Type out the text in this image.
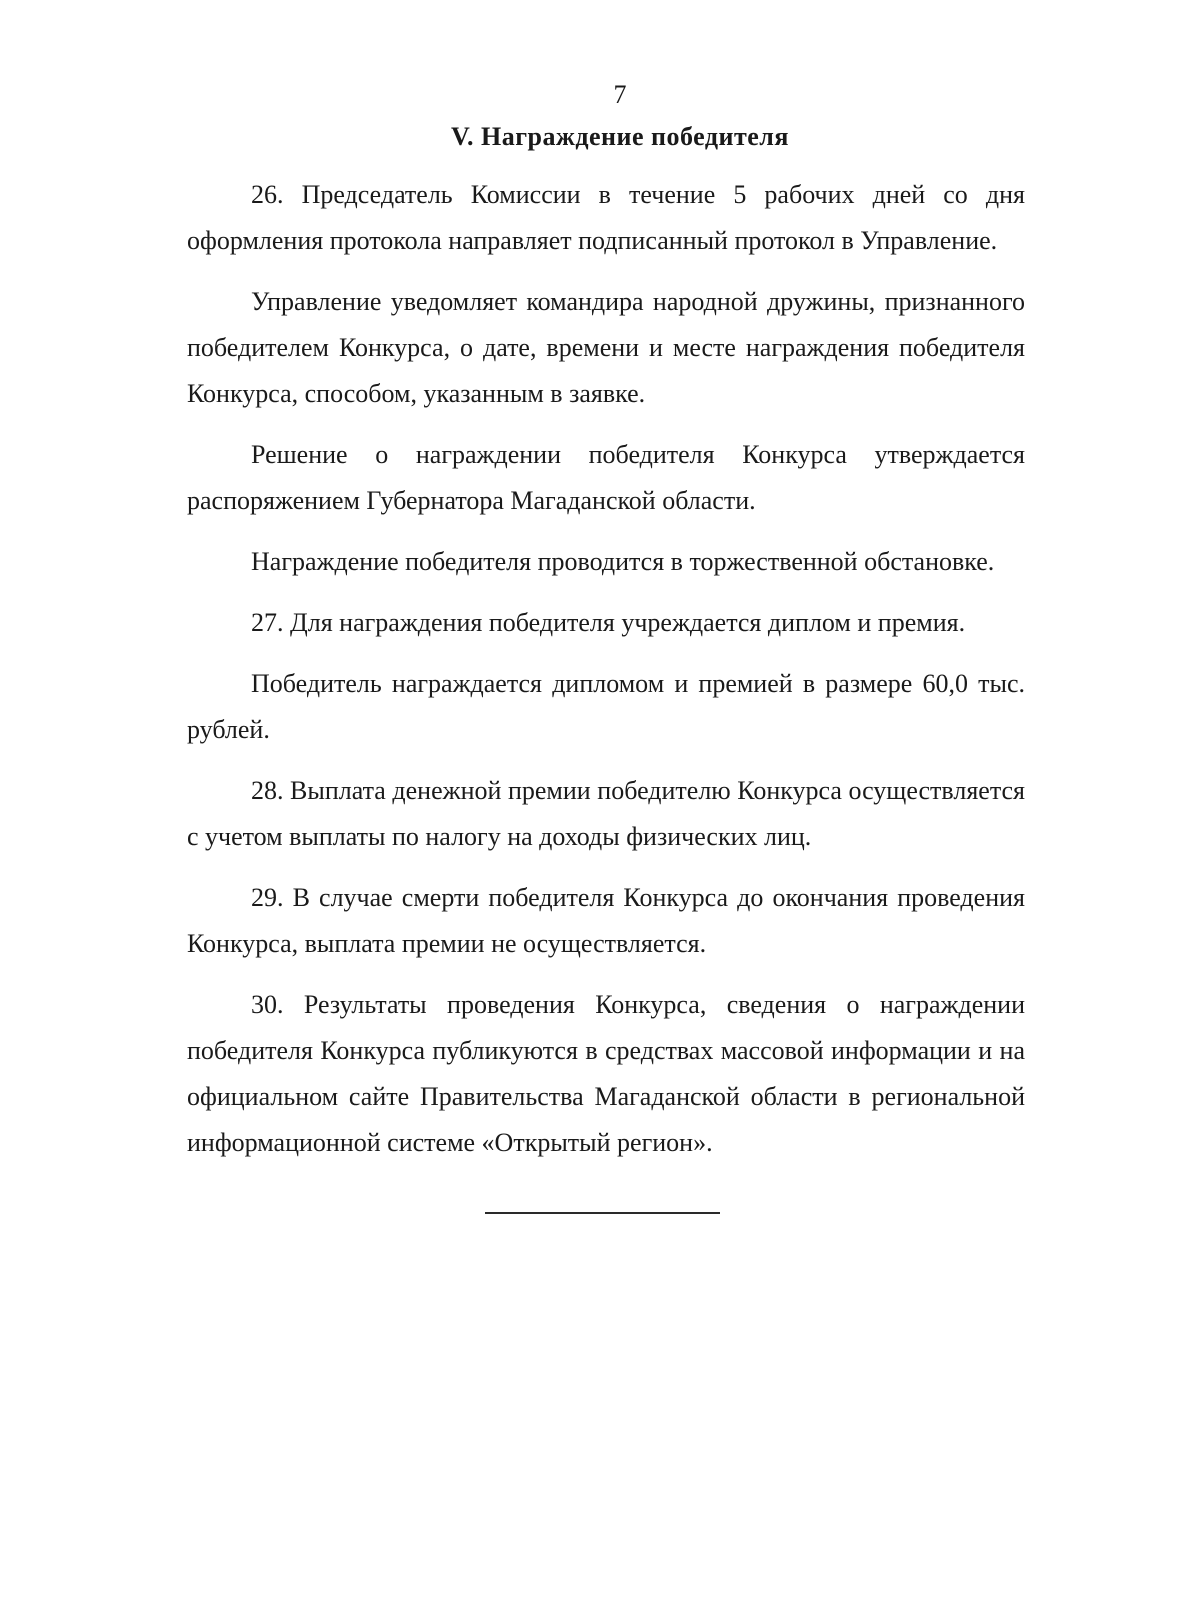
7
V. Награждение победителя

26. Председатель Комиссии в течение 5 рабочих дней со дня оформления протокола направляет подписанный протокол в Управление.

Управление уведомляет командира народной дружины, признанного победителем Конкурса, о дате, времени и месте награждения победителя Конкурса, способом, указанным в заявке.

Решение о награждении победителя Конкурса утверждается распоряжением Губернатора Магаданской области.

Награждение победителя проводится в торжественной обстановке.

27. Для награждения победителя учреждается диплом и премия.

Победитель награждается дипломом и премией в размере 60,0 тыс. рублей.

28. Выплата денежной премии победителю Конкурса осуществляется с учетом выплаты по налогу на доходы физических лиц.

29. В случае смерти победителя Конкурса до окончания проведения Конкурса, выплата премии не осуществляется.

30. Результаты проведения Конкурса, сведения о награждении победителя Конкурса публикуются в средствах массовой информации и на официальном сайте Правительства Магаданской области в региональной информационной системе «Открытый регион».
